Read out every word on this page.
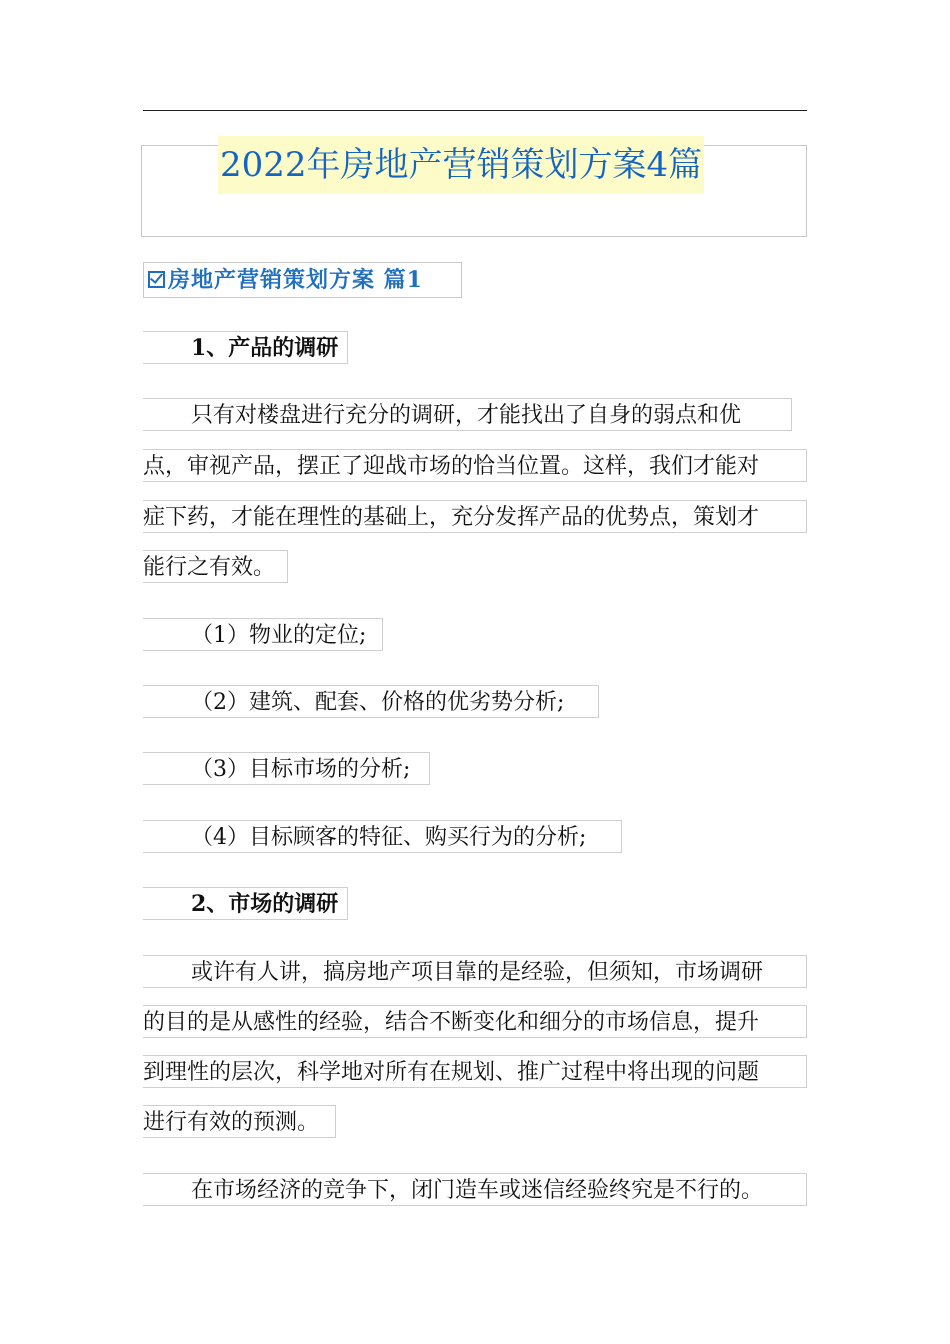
2022年房地产营销策划方案4篇
房地产营销策划方案 篇1
1、产品的调研
只有对楼盘进行充分的调研，才能找出了自身的弱点和优
点，审视产品，摆正了迎战市场的恰当位置。这样，我们才能对
症下药，才能在理性的基础上，充分发挥产品的优势点，策划才
能行之有效。
（1）物业的定位;
（2）建筑、配套、价格的优劣势分析;
（3）目标市场的分析;
（4）目标顾客的特征、购买行为的分析;
2、市场的调研
或许有人讲，搞房地产项目靠的是经验，但须知，市场调研
的目的是从感性的经验，结合不断变化和细分的市场信息，提升
到理性的层次，科学地对所有在规划、推广过程中将出现的问题
进行有效的预测。
在市场经济的竞争下，闭门造车或迷信经验终究是不行的。
